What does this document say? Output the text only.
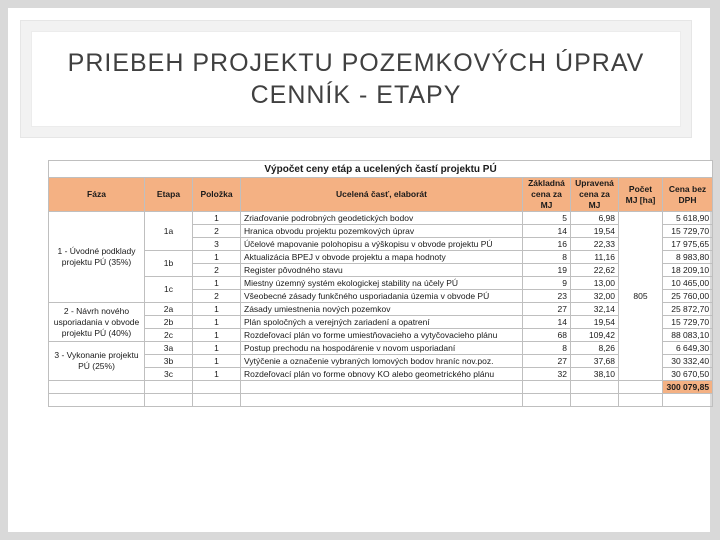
PRIEBEH PROJEKTU POZEMKOVÝCH ÚPRAV
CENNÍK - ETAPY
Výpočet ceny etáp a ucelených častí projektu PÚ							
Fáza	Etapa	Položka	Ucelená časť, elaborát	Základná cena za MJ	Upravená cena za MJ	Počet MJ [ha]	Cena bez DPH
1 - Úvodné podklady projektu PÚ (35%)	1a	1	Zriaďovanie podrobných geodetických bodov	5	6,98	805	5 618,90
		2	Hranica obvodu projektu pozemkových úprav	14	19,54		15 729,70
		3	Účelové mapovanie polohopisu a výškopisu v obvode projektu PÚ	16	22,33		17 975,65
	1b	1	Aktualizácia BPEJ v obvode projektu a mapa hodnoty	8	11,16		8 983,80
		2	Register pôvodného stavu	19	22,62		18 209,10
	1c	1	Miestny územný systém ekologickej stability na účely PÚ	9	13,00		10 465,00
		2	Všeobecné zásady funkčného usporiadania územia v obvode PÚ	23	32,00		25 760,00
2 - Návrh nového usporiadania v obvode projektu PÚ (40%)	2a	1	Zásady umiestnenia nových pozemkov	27	32,14		25 872,70
	2b	1	Plán spoločných a verejných zariadení a opatrení	14	19,54		15 729,70
	2c	1	Rozdeľovací plán vo forme umiestňovacieho a vytyčovacieho plánu	68	109,42		88 083,10
3 - Vykonanie projektu PÚ (25%)	3a	1	Postup prechodu na hospodárenie v novom usporiadaní	8	8,26		6 649,30
	3b	1	Vytýčenie a označenie vybraných lomových bodov hraníc nov.poz.	27	37,68		30 332,40
	3c	1	Rozdeľovací plán vo forme obnovy KO alebo geometrického plánu	32	38,10		30 670,50
							300 079,85
